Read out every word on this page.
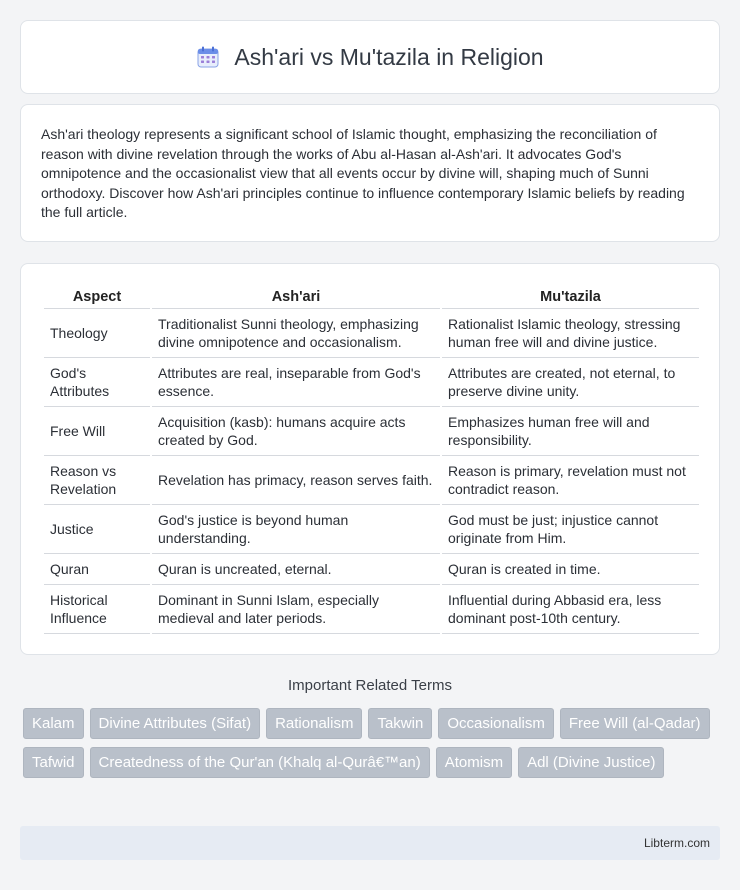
Ash'ari vs Mu'tazila in Religion

Ash'ari theology represents a significant school of Islamic thought, emphasizing the reconciliation of reason with divine revelation through the works of Abu al-Hasan al-Ash'ari. It advocates God's omnipotence and the occasionalist view that all events occur by divine will, shaping much of Sunni orthodoxy. Discover how Ash'ari principles continue to influence contemporary Islamic beliefs by reading the full article.

Aspect	Ash'ari	Mu'tazila
Theology	Traditionalist Sunni theology, emphasizing divine omnipotence and occasionalism.	Rationalist Islamic theology, stressing human free will and divine justice.
God's Attributes	Attributes are real, inseparable from God's essence.	Attributes are created, not eternal, to preserve divine unity.
Free Will	Acquisition (kasb): humans acquire acts created by God.	Emphasizes human free will and responsibility.
Reason vs Revelation	Revelation has primacy, reason serves faith.	Reason is primary, revelation must not contradict reason.
Justice	God's justice is beyond human understanding.	God must be just; injustice cannot originate from Him.
Quran	Quran is uncreated, eternal.	Quran is created in time.
Historical Influence	Dominant in Sunni Islam, especially medieval and later periods.	Influential during Abbasid era, less dominant post-10th century.
Important Related Terms
Kalam	Divine Attributes (Sifat)	Rationalism	Takwin	Occasionalism	Free Will (al-Qadar)
Tafwid	Createdness of the Qur'an (Khalq al-Qurâ€™an)	Atomism	Adl (Divine Justice)
Libterm.com
